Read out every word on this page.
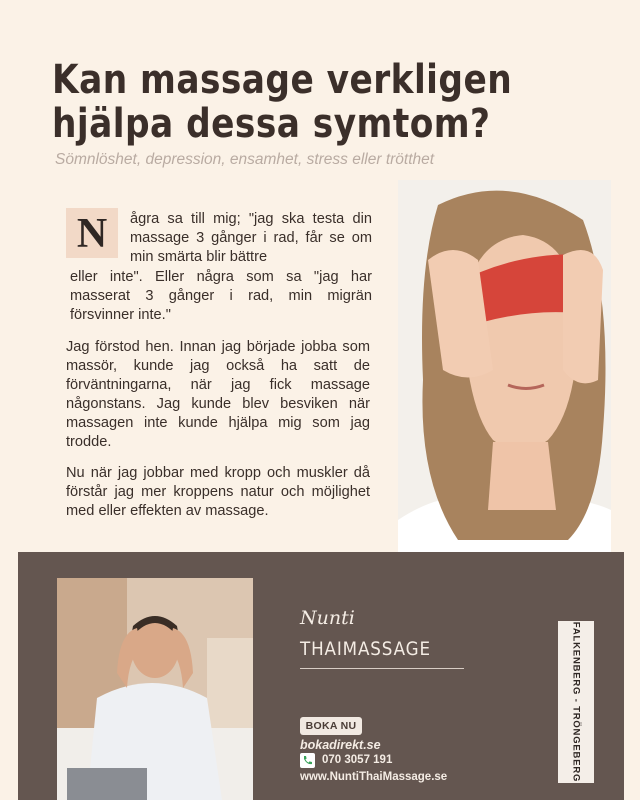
Kan massage verkligen
hjälpa dessa symtom?
Sömnlöshet, depression, ensamhet, stress eller trötthet
N	ågra sa till mig; "jag ska testa din massage 3 gånger i rad, får se om min smärta blir bättre

eller inte". Eller några som sa "jag har masserat 3 gånger i rad, min migrän försvinner inte."

Jag förstod hen. Innan jag började jobba som massör, kunde jag också ha satt de förväntningarna, när jag fick massage någonstans. Jag kunde blev besviken när massagen inte kunde hjälpa mig som jag trodde.

Nu när jag jobbar med kropp och muskler då förstår jag mer kroppens natur och möjlighet med eller effekten av massage.

Nunti
THAIMASSAGE
BOKA NU
bokadirekt.se
070 3057 191
www.NuntiThaiMassage.se	FALKENBERG - TRÖNGEBERG
